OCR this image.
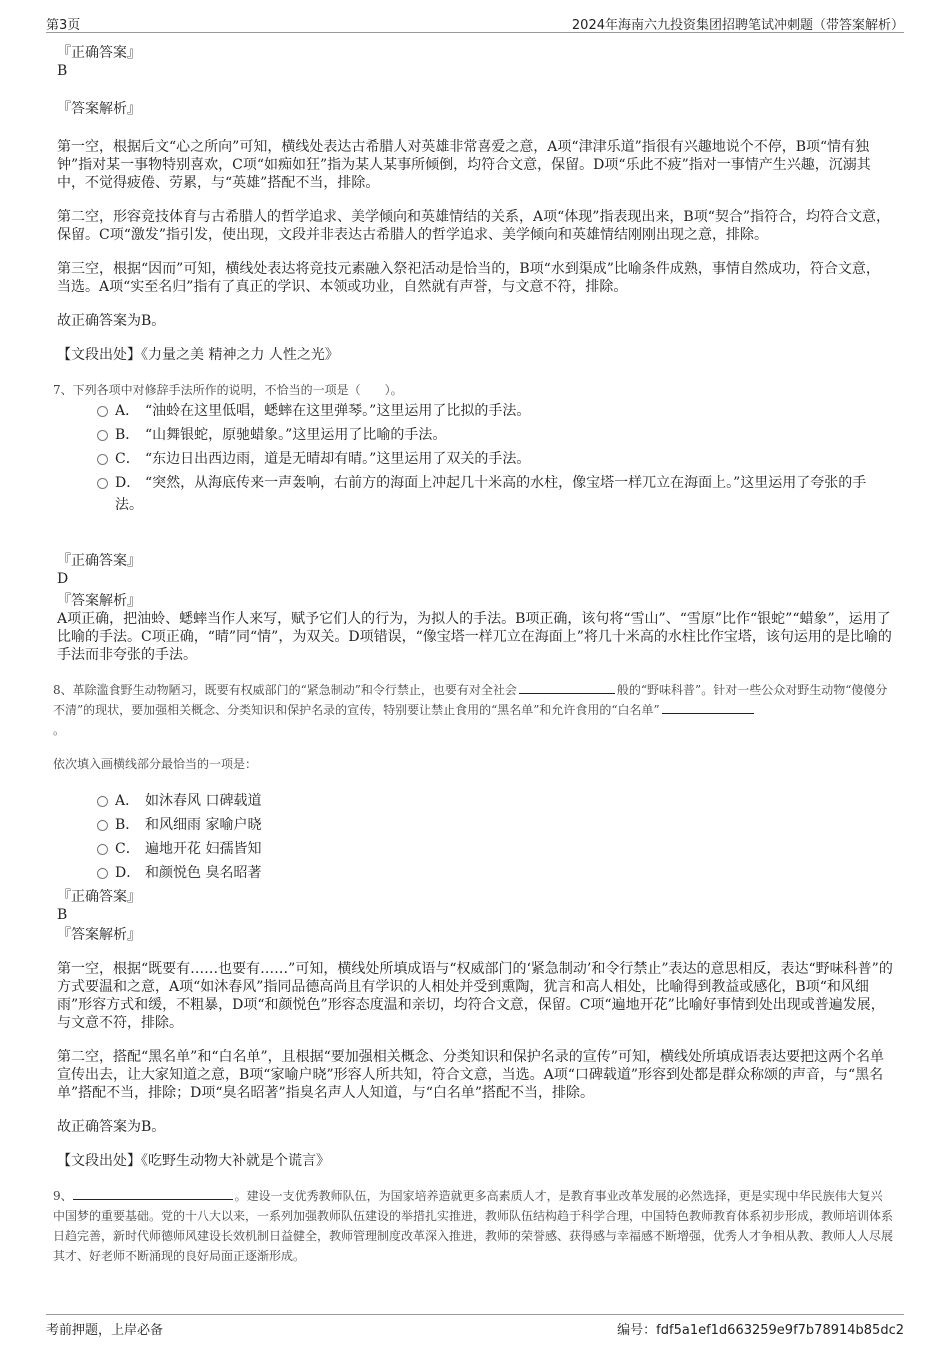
第3页	2024年海南六九投资集团招聘笔试冲刺题（带答案解析）
『正确答案』
B
『答案解析』

第一空，根据后文“心之所向”可知，横线处表达古希腊人对英雄非常喜爱之意，A项“津津乐道”指很有兴趣地说个不停，B项“情有独钟”指对某一事物特别喜欢，C项“如痴如狂”指为某人某事所倾倒，均符合文意，保留。D项“乐此不疲”指对一事情产生兴趣，沉溺其中，不觉得疲倦、劳累，与“英雄”搭配不当，排除。

第二空，形容竞技体育与古希腊人的哲学追求、美学倾向和英雄情结的关系，A项“体现”指表现出来，B项“契合”指符合，均符合文意，保留。C项“激发”指引发，使出现，文段并非表达古希腊人的哲学追求、美学倾向和英雄情结刚刚出现之意，排除。

第三空，根据“因而”可知，横线处表达将竞技元素融入祭祀活动是恰当的，B项“水到渠成”比喻条件成熟，事情自然成功，符合文意，当选。A项“实至名归”指有了真正的学识、本领或功业，自然就有声誉，与文意不符，排除。

故正确答案为B。

【文段出处】《力量之美 精神之力 人性之光》

7、下列各项中对修辞手法所作的说明，不恰当的一项是（　　）。
A． “油蛉在这里低唱，蟋蟀在这里弹琴。”这里运用了比拟的手法。
B． “山舞银蛇，原驰蜡象。”这里运用了比喻的手法。
C． “东边日出西边雨，道是无晴却有晴。”这里运用了双关的手法。
D． “突然，从海底传来一声轰响，右前方的海面上冲起几十米高的水柱，像宝塔一样兀立在海面上。”这里运用了夸张的手法。
『正确答案』
D
『答案解析』

A项正确，把油蛉、蟋蟀当作人来写，赋予它们人的行为，为拟人的手法。B项正确，该句将“雪山”、“雪原”比作“银蛇”“蜡象”，运用了比喻的手法。C项正确，“晴”同“情”，为双关。D项错误，“像宝塔一样兀立在海面上”将几十米高的水柱比作宝塔，该句运用的是比喻的手法而非夸张的手法。

8、革除滥食野生动物陋习，既要有权威部门的“紧急制动”和令行禁止，也要有对全社会	般的“野味科普”。针对一些公众对野生动物“傻傻分不清”的现状，要加强相关概念、分类知识和保护名录的宣传，特别要让禁止食用的“黑名单”和允许食用的“白名单”
。
依次填入画横线部分最恰当的一项是：
A． 如沐春风 口碑载道
B． 和风细雨 家喻户晓
C． 遍地开花 妇孺皆知
D． 和颜悦色 臭名昭著
『正确答案』
B
『答案解析』

第一空，根据“既要有……也要有……”可知，横线处所填成语与“权威部门的‘紧急制动’和令行禁止”表达的意思相反，表达“野味科普”的方式要温和之意，A项“如沐春风”指同品德高尚且有学识的人相处并受到熏陶，犹言和高人相处，比喻得到教益或感化，B项“和风细雨”形容方式和缓，不粗暴，D项“和颜悦色”形容态度温和亲切，均符合文意，保留。C项“遍地开花”比喻好事情到处出现或普遍发展，与文意不符，排除。

第二空，搭配“黑名单”和“白名单”，且根据“要加强相关概念、分类知识和保护名录的宣传”可知，横线处所填成语表达要把这两个名单宣传出去，让大家知道之意，B项“家喻户晓”形容人所共知，符合文意，当选。A项“口碑载道”形容到处都是群众称颂的声音，与“黑名单”搭配不当，排除；D项“臭名昭著”指臭名声人人知道，与“白名单”搭配不当，排除。

故正确答案为B。

【文段出处】《吃野生动物大补就是个谎言》

9、	。建设一支优秀教师队伍，为国家培养造就更多高素质人才，是教育事业改革发展的必然选择，更是实现中华民族伟大复兴中国梦的重要基础。党的十八大以来，一系列加强教师队伍建设的举措扎实推进，教师队伍结构趋于科学合理，中国特色教师教育体系初步形成，教师培训体系日趋完善，新时代师德师风建设长效机制日益健全，教师管理制度改革深入推进，教师的荣誉感、获得感与幸福感不断增强，优秀人才争相从教、教师人人尽展其才、好老师不断涌现的良好局面正逐渐形成。
考前押题，上岸必备	编号：fdf5a1ef1d663259e9f7b78914b85dc2
